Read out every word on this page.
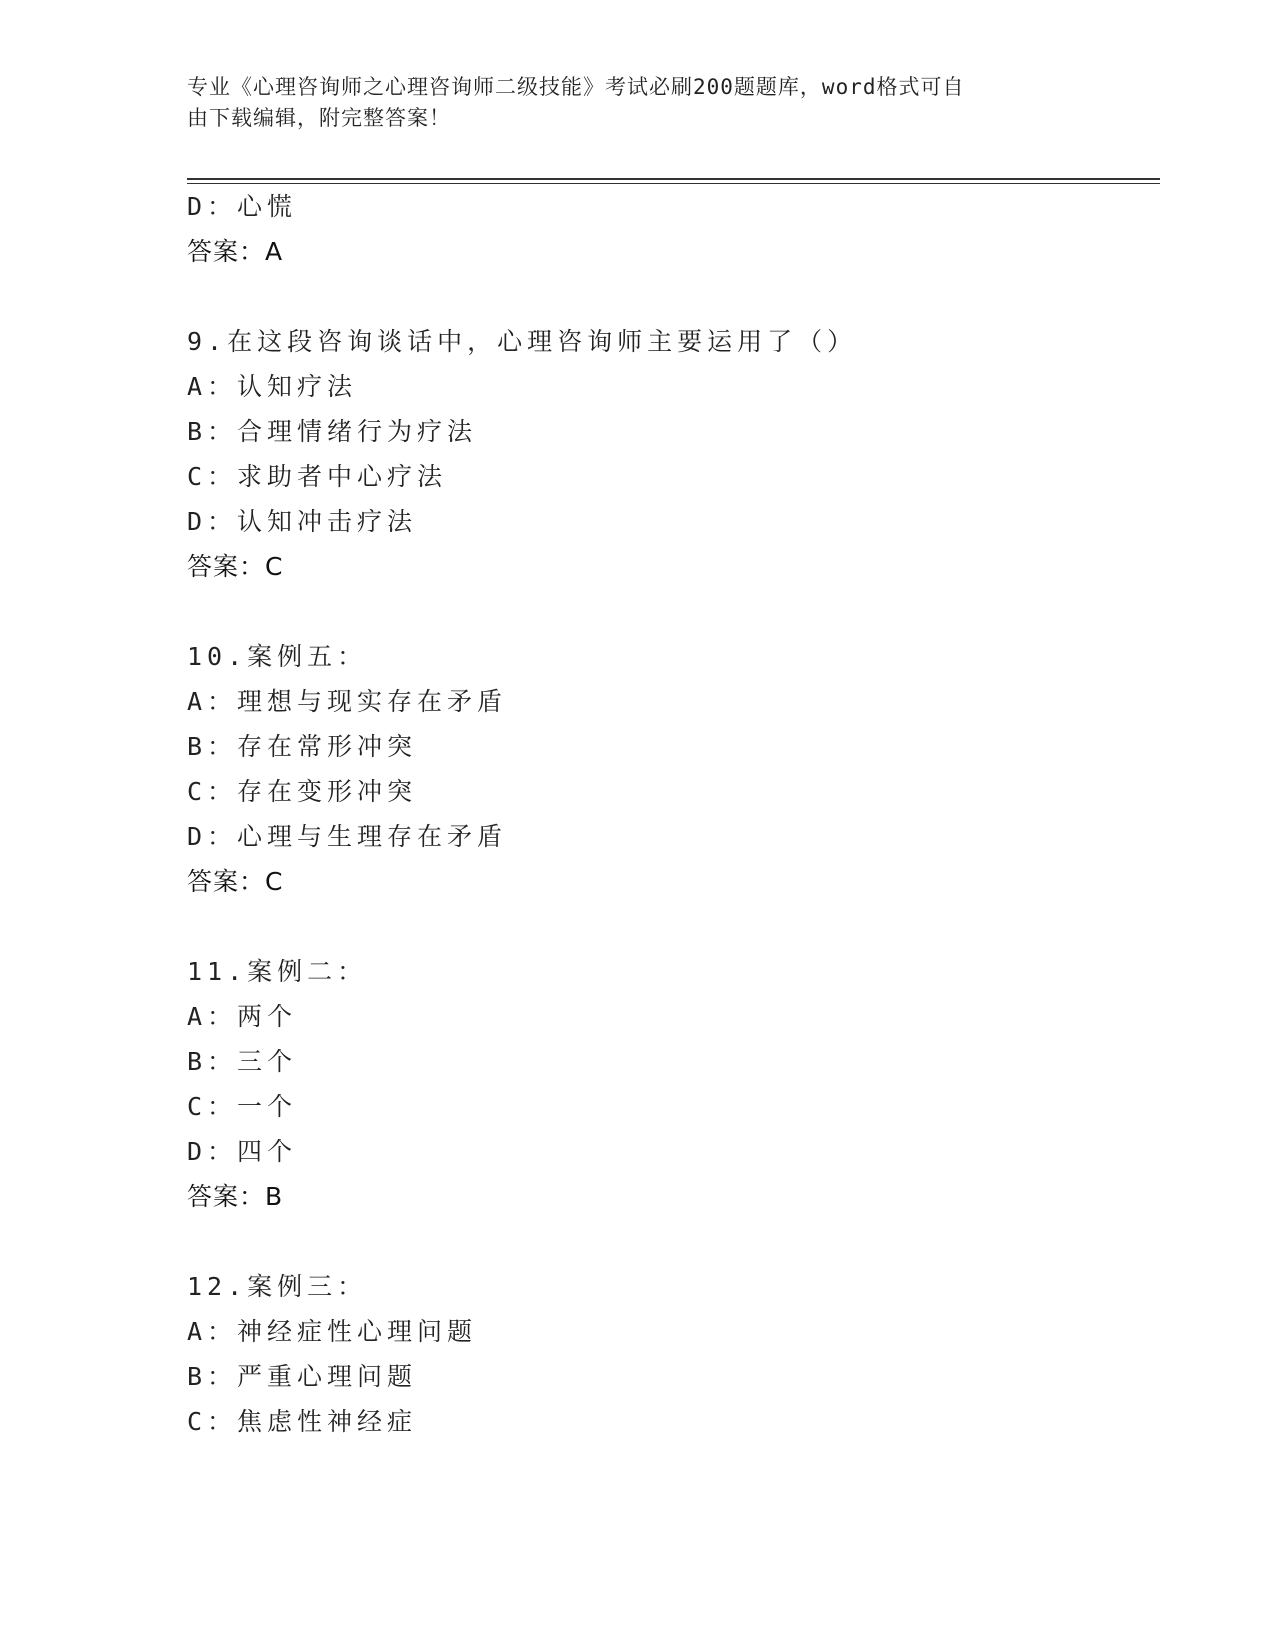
专业《心理咨询师之心理咨询师二级技能》考试必刷200题题库，word格式可自
由下载编辑，附完整答案！
D：心慌
答案：A
9.在这段咨询谈话中，心理咨询师主要运用了（）
A：认知疗法
B：合理情绪行为疗法
C：求助者中心疗法
D：认知冲击疗法
答案：C
10.案例五：
A：理想与现实存在矛盾
B：存在常形冲突
C：存在变形冲突
D：心理与生理存在矛盾
答案：C
11.案例二：
A：两个
B：三个
C：一个
D：四个
答案：B
12.案例三：
A：神经症性心理问题
B：严重心理问题
C：焦虑性神经症
